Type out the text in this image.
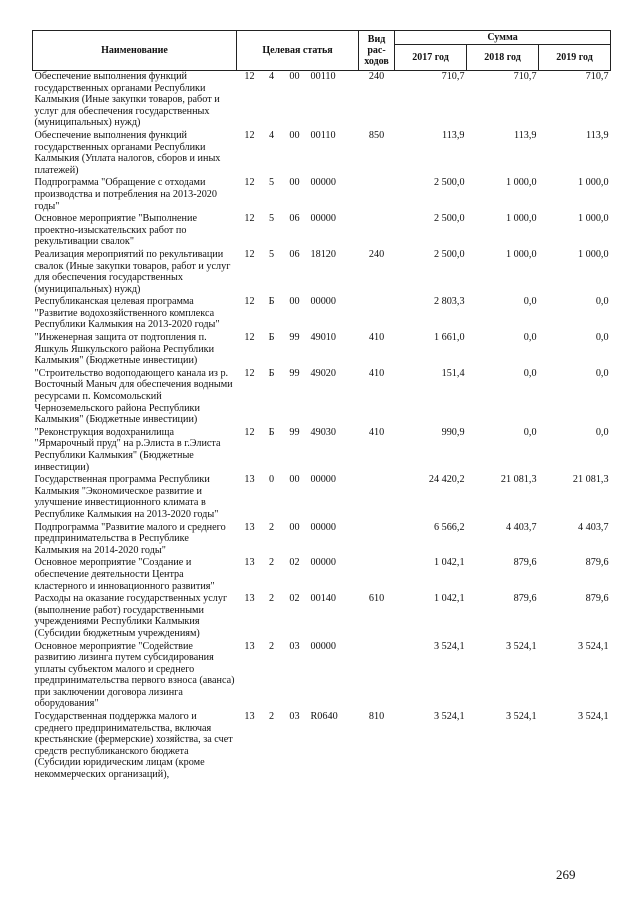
Наименование	Целевая статья				Вид рас-ходов	Сумма		
						2017 год	2018 год	2019 год
Обеспечение выполнения функций государственных органами Республики Калмыкия (Иные закупки товаров, работ и услуг для обеспечения государственных (муниципальных) нужд)	12	4	00	00110	240	710,7	710,7	710,7
Обеспечение выполнения функций государственных органами Республики Калмыкия (Уплата налогов, сборов и иных платежей)	12	4	00	00110	850	113,9	113,9	113,9
Подпрограмма "Обращение с отходами производства и потребления на 2013-2020 годы"	12	5	00	00000		2 500,0	1 000,0	1 000,0
Основное мероприятие "Выполнение проектно-изыскательских работ по рекультивации свалок"	12	5	06	00000		2 500,0	1 000,0	1 000,0
Реализация мероприятий по рекультивации свалок (Иные закупки товаров, работ и услуг для обеспечения государственных (муниципальных) нужд)	12	5	06	18120	240	2 500,0	1 000,0	1 000,0
Республиканская целевая программа "Развитие водохозяйственного комплекса Республики Калмыкия на 2013-2020 годы"	12	Б	00	00000		2 803,3	0,0	0,0
"Инженерная защита от подтопления п. Яшкуль Яшкульского района Республики Калмыкия" (Бюджетные инвестиции)	12	Б	99	49010	410	1 661,0	0,0	0,0
"Строительство водоподающего канала из р. Восточный Маныч для обеспечения водными ресурсами п. Комсомольский Черноземельского района Республики Калмыкия" (Бюджетные инвестиции)	12	Б	99	49020	410	151,4	0,0	0,0
"Реконструкция водохранилища "Ярмарочный пруд" на р.Элиста в г.Элиста Республики Калмыкия" (Бюджетные инвестиции)	12	Б	99	49030	410	990,9	0,0	0,0
Государственная программа Республики Калмыкия "Экономическое развитие и улучшение инвестиционного климата в Республике Калмыкия на 2013-2020 годы"	13	0	00	00000		24 420,2	21 081,3	21 081,3
Подпрограмма "Развитие малого и среднего предпринимательства в Республике Калмыкия на 2014-2020 годы"	13	2	00	00000		6 566,2	4 403,7	4 403,7
Основное мероприятие "Создание и обеспечение деятельности Центра кластерного и инновационного развития"	13	2	02	00000		1 042,1	879,6	879,6
Расходы на оказание государственных услуг (выполнение работ) государственными учреждениями Республики Калмыкия (Субсидии бюджетным учреждениям)	13	2	02	00140	610	1 042,1	879,6	879,6
Основное мероприятие "Содействие развитию лизинга путем субсидирования уплаты субъектом малого и среднего предпринимательства первого взноса (аванса) при заключении договора лизинга оборудования"	13	2	03	00000		3 524,1	3 524,1	3 524,1
Государственная поддержка малого и среднего предпринимательства, включая крестьянские (фермерские) хозяйства, за счет средств республиканского бюджета (Субсидии юридическим лицам (кроме некоммерческих организаций),	13	2	03	R0640	810	3 524,1	3 524,1	3 524,1
269
